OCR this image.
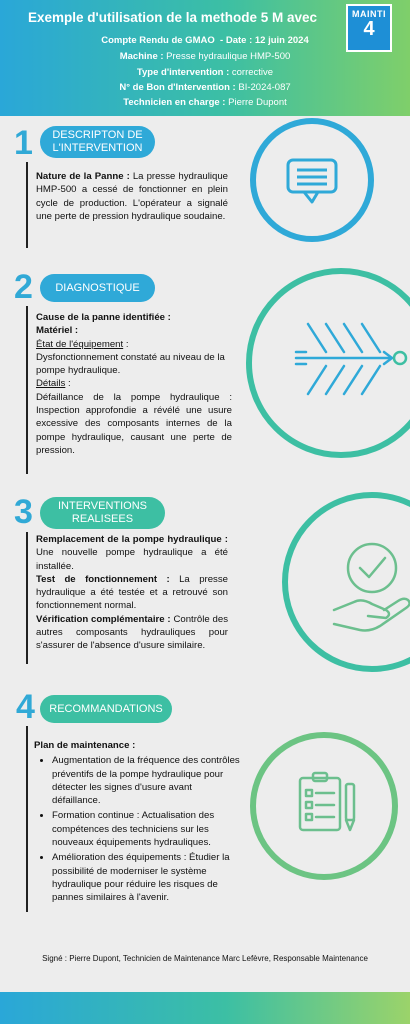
Exemple d'utilisation de la methode 5 M avec	MAINTI
4
Compte Rendu de GMAO - Date : 12 juin 2024
Machine : Presse hydraulique HMP-500
Type d'intervention : corrective
N° de Bon d'Intervention : BI-2024-087
Technicien en charge : Pierre Dupont
1	DESCRIPTON DE L'INTERVENTION

Nature de la Panne : La presse hydraulique HMP-500 a cessé de fonctionner en plein cycle de production. L'opérateur a signalé une perte de pression hydraulique soudaine.

2	DIAGNOSTIQUE

Cause de la panne identifiée :

Matériel :

État de l'équipement :

Dysfonctionnement constaté au niveau de la pompe hydraulique.

Détails :

Défaillance de la pompe hydraulique : Inspection approfondie a révélé une usure excessive des composants internes de la pompe hydraulique, causant une perte de pression.

3	INTERVENTIONS REALISEES

Remplacement de la pompe hydraulique : Une nouvelle pompe hydraulique a été installée.

Test de fonctionnement : La presse hydraulique a été testée et a retrouvé son fonctionnement normal.

Vérification complémentaire : Contrôle des autres composants hydrauliques pour s'assurer de l'absence d'usure similaire.

4	RECOMMANDATIONS

Plan de maintenance :

• Augmentation de la fréquence des contrôles préventifs de la pompe hydraulique pour détecter les signes d'usure avant défaillance.
• Formation continue : Actualisation des compétences des techniciens sur les nouveaux équipements hydrauliques.
• Amélioration des équipements : Étudier la possibilité de moderniser le système hydraulique pour réduire les risques de pannes similaires à l'avenir.
Signé : Pierre Dupont, Technicien de Maintenance Marc Lefèvre, Responsable Maintenance
